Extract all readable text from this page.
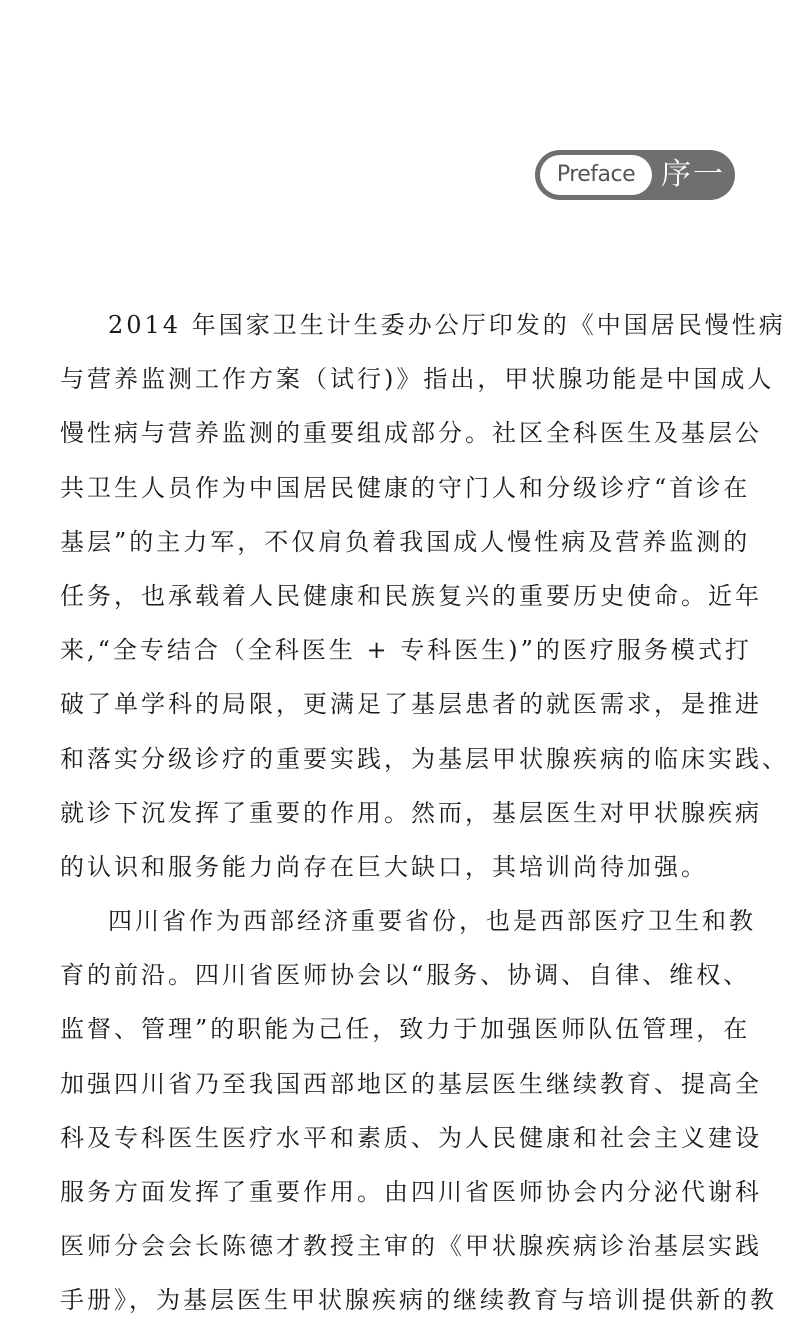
Preface 序一
2014 年国家卫生计生委办公厅印发的《中国居民慢性病
与营养监测工作方案（试行)》指出，甲状腺功能是中国成人
慢性病与营养监测的重要组成部分。社区全科医生及基层公
共卫生人员作为中国居民健康的守门人和分级诊疗“首诊在
基层”的主力军，不仅肩负着我国成人慢性病及营养监测的
任务，也承载着人民健康和民族复兴的重要历史使命。近年
来,“全专结合（全科医生 + 专科医生)”的医疗服务模式打
破了单学科的局限，更满足了基层患者的就医需求，是推进
和落实分级诊疗的重要实践，为基层甲状腺疾病的临床实践、
就诊下沉发挥了重要的作用。然而，基层医生对甲状腺疾病
的认识和服务能力尚存在巨大缺口，其培训尚待加强。
四川省作为西部经济重要省份，也是西部医疗卫生和教
育的前沿。四川省医师协会以“服务、协调、自律、维权、
监督、管理”的职能为己任，致力于加强医师队伍管理，在
加强四川省乃至我国西部地区的基层医生继续教育、提高全
科及专科医生医疗水平和素质、为人民健康和社会主义建设
服务方面发挥了重要作用。由四川省医师协会内分泌代谢科
医师分会会长陈德才教授主审的《甲状腺疾病诊治基层实践
手册》，为基层医生甲状腺疾病的继续教育与培训提供新的教
